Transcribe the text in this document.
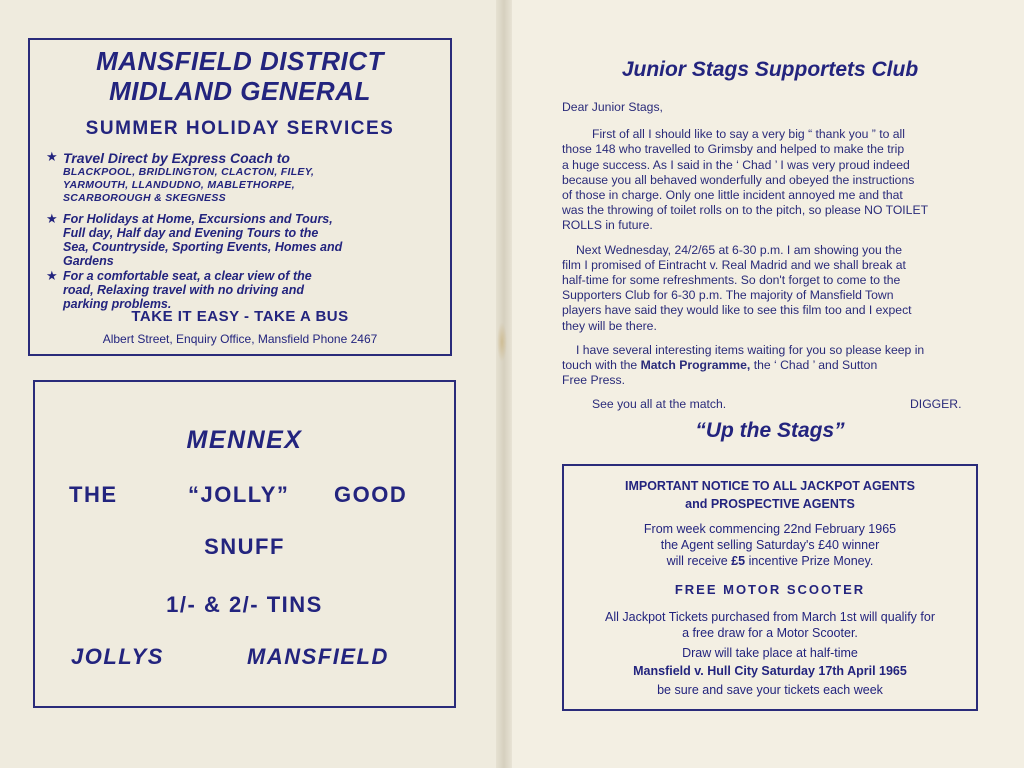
MANSFIELD DISTRICT
MIDLAND GENERAL
SUMMER HOLIDAY SERVICES
★ Travel Direct by Express Coach to
BLACKPOOL, BRIDLINGTON, CLACTON, FILEY,
YARMOUTH, LLANDUDNO, MABLETHORPE,
SCARBOROUGH & SKEGNESS
★ For Holidays at Home, Excursions and Tours,
Full day, Half day and Evening Tours to the
Sea, Countryside, Sporting Events, Homes and
Gardens
★ For a comfortable seat, a clear view of the
road, Relaxing travel with no driving and
parking problems.
TAKE IT EASY - TAKE A BUS
Albert Street, Enquiry Office, Mansfield Phone 2467
MENNEX
THE	“JOLLY” GOOD
SNUFF
1/- & 2/- TINS
JOLLYS	MANSFIELD
Junior Stags Supportets Club

Dear Junior Stags,

First of all I should like to say a very big “ thank you ” to all

those 148 who travelled to Grimsby and helped to make the trip

a huge success. As I said in the ‘ Chad ’ I was very proud indeed

because you all behaved wonderfully and obeyed the instructions

of those in charge. Only one little incident annoyed me and that

was the throwing of toilet rolls on to the pitch, so please NO TOILET

ROLLS in future.

Next Wednesday, 24/2/65 at 6-30 p.m. I am showing you the

film I promised of Eintracht v. Real Madrid and we shall break at

half-time for some refreshments. So don't forget to come to the

Supporters Club for 6-30 p.m. The majority of Mansfield Town

players have said they would like to see this film too and I expect

they will be there.

I have several interesting items waiting for you so please keep in

touch with the Match Programme, the ‘ Chad ’ and Sutton

Free Press.

See you all at the match.	DIGGER.
“Up the Stags”
IMPORTANT NOTICE TO ALL JACKPOT AGENTS
and PROSPECTIVE AGENTS
From week commencing 22nd February 1965
the Agent selling Saturday's £40 winner
will receive £5 incentive Prize Money.
FREE MOTOR SCOOTER
All Jackpot Tickets purchased from March 1st will qualify for
a free draw for a Motor Scooter.
Draw will take place at half-time
Mansfield v. Hull City Saturday 17th April 1965
be sure and save your tickets each week
